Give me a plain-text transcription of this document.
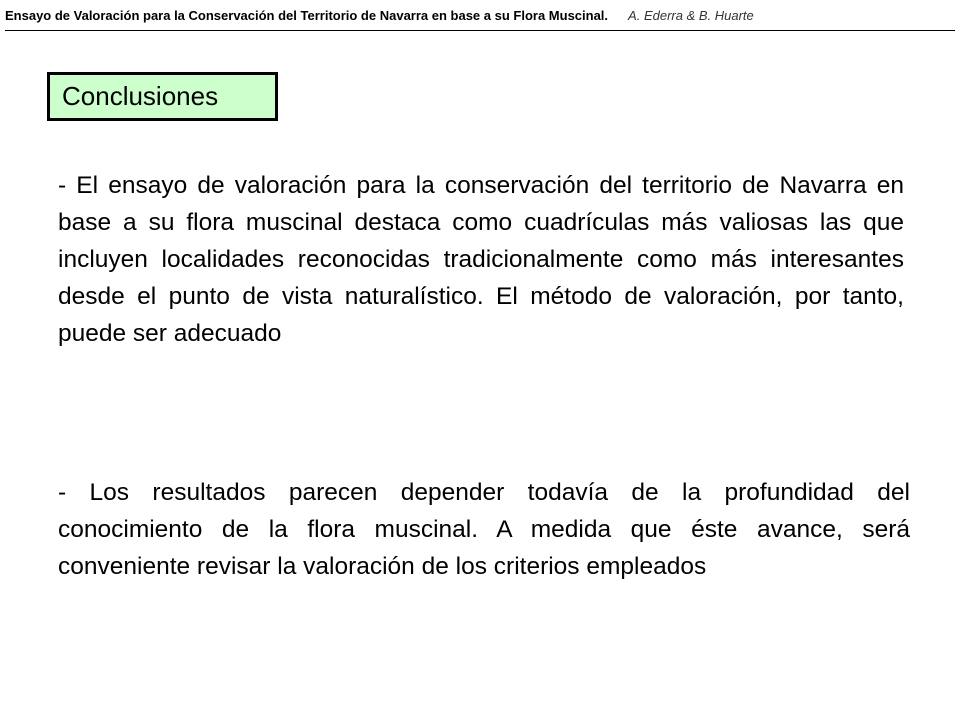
Ensayo de Valoración para la Conservación del Territorio de Navarra en base a su Flora Muscinal. A. Ederra & B. Huarte
Conclusiones

- El ensayo de valoración para la conservación del territorio de Navarra en base a su flora muscinal destaca como cuadrículas más valiosas las que incluyen localidades reconocidas tradicionalmente como más interesantes desde el punto de vista naturalístico. El método de valoración, por tanto, puede ser adecuado

- Los resultados parecen depender todavía de la profundidad del conocimiento de la flora muscinal. A medida que éste avance, será conveniente revisar la valoración de los criterios empleados
